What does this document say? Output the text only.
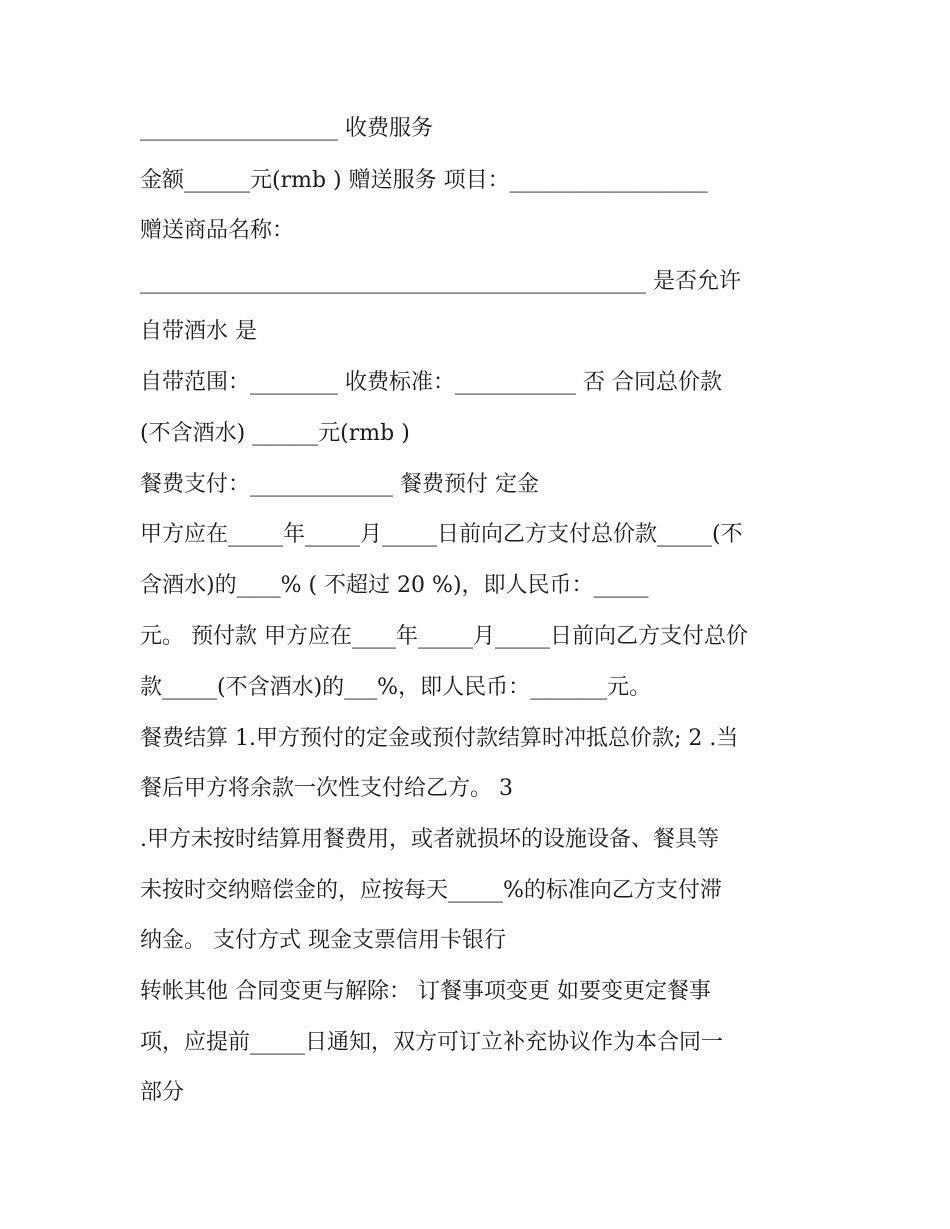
__________________ 收费服务
金额______元(rmb ) 赠送服务 项目：__________________
赠送商品名称：
______________________________________________ 是否允许
自带酒水 是
自带范围：________ 收费标准：___________ 否 合同总价款
(不含酒水) ______元(rmb )
餐费支付：_____________ 餐费预付 定金
甲方应在_____年_____月_____日前向乙方支付总价款_____(不
含酒水)的____% ( 不超过 20 %)，即人民币：_____
元。 预付款 甲方应在____年_____月_____日前向乙方支付总价
款_____(不含酒水)的___%，即人民币：_______元。
餐费结算 1.甲方预付的定金或预付款结算时冲抵总价款; 2 .当
餐后甲方将余款一次性支付给乙方。 3
.甲方未按时结算用餐费用，或者就损坏的设施设备、餐具等
未按时交纳赔偿金的，应按每天_____%的标准向乙方支付滞
纳金。 支付方式 现金支票信用卡银行
转帐其他 合同变更与解除： 订餐事项变更 如要变更定餐事
项，应提前_____日通知，双方可订立补充协议作为本合同一
部分
